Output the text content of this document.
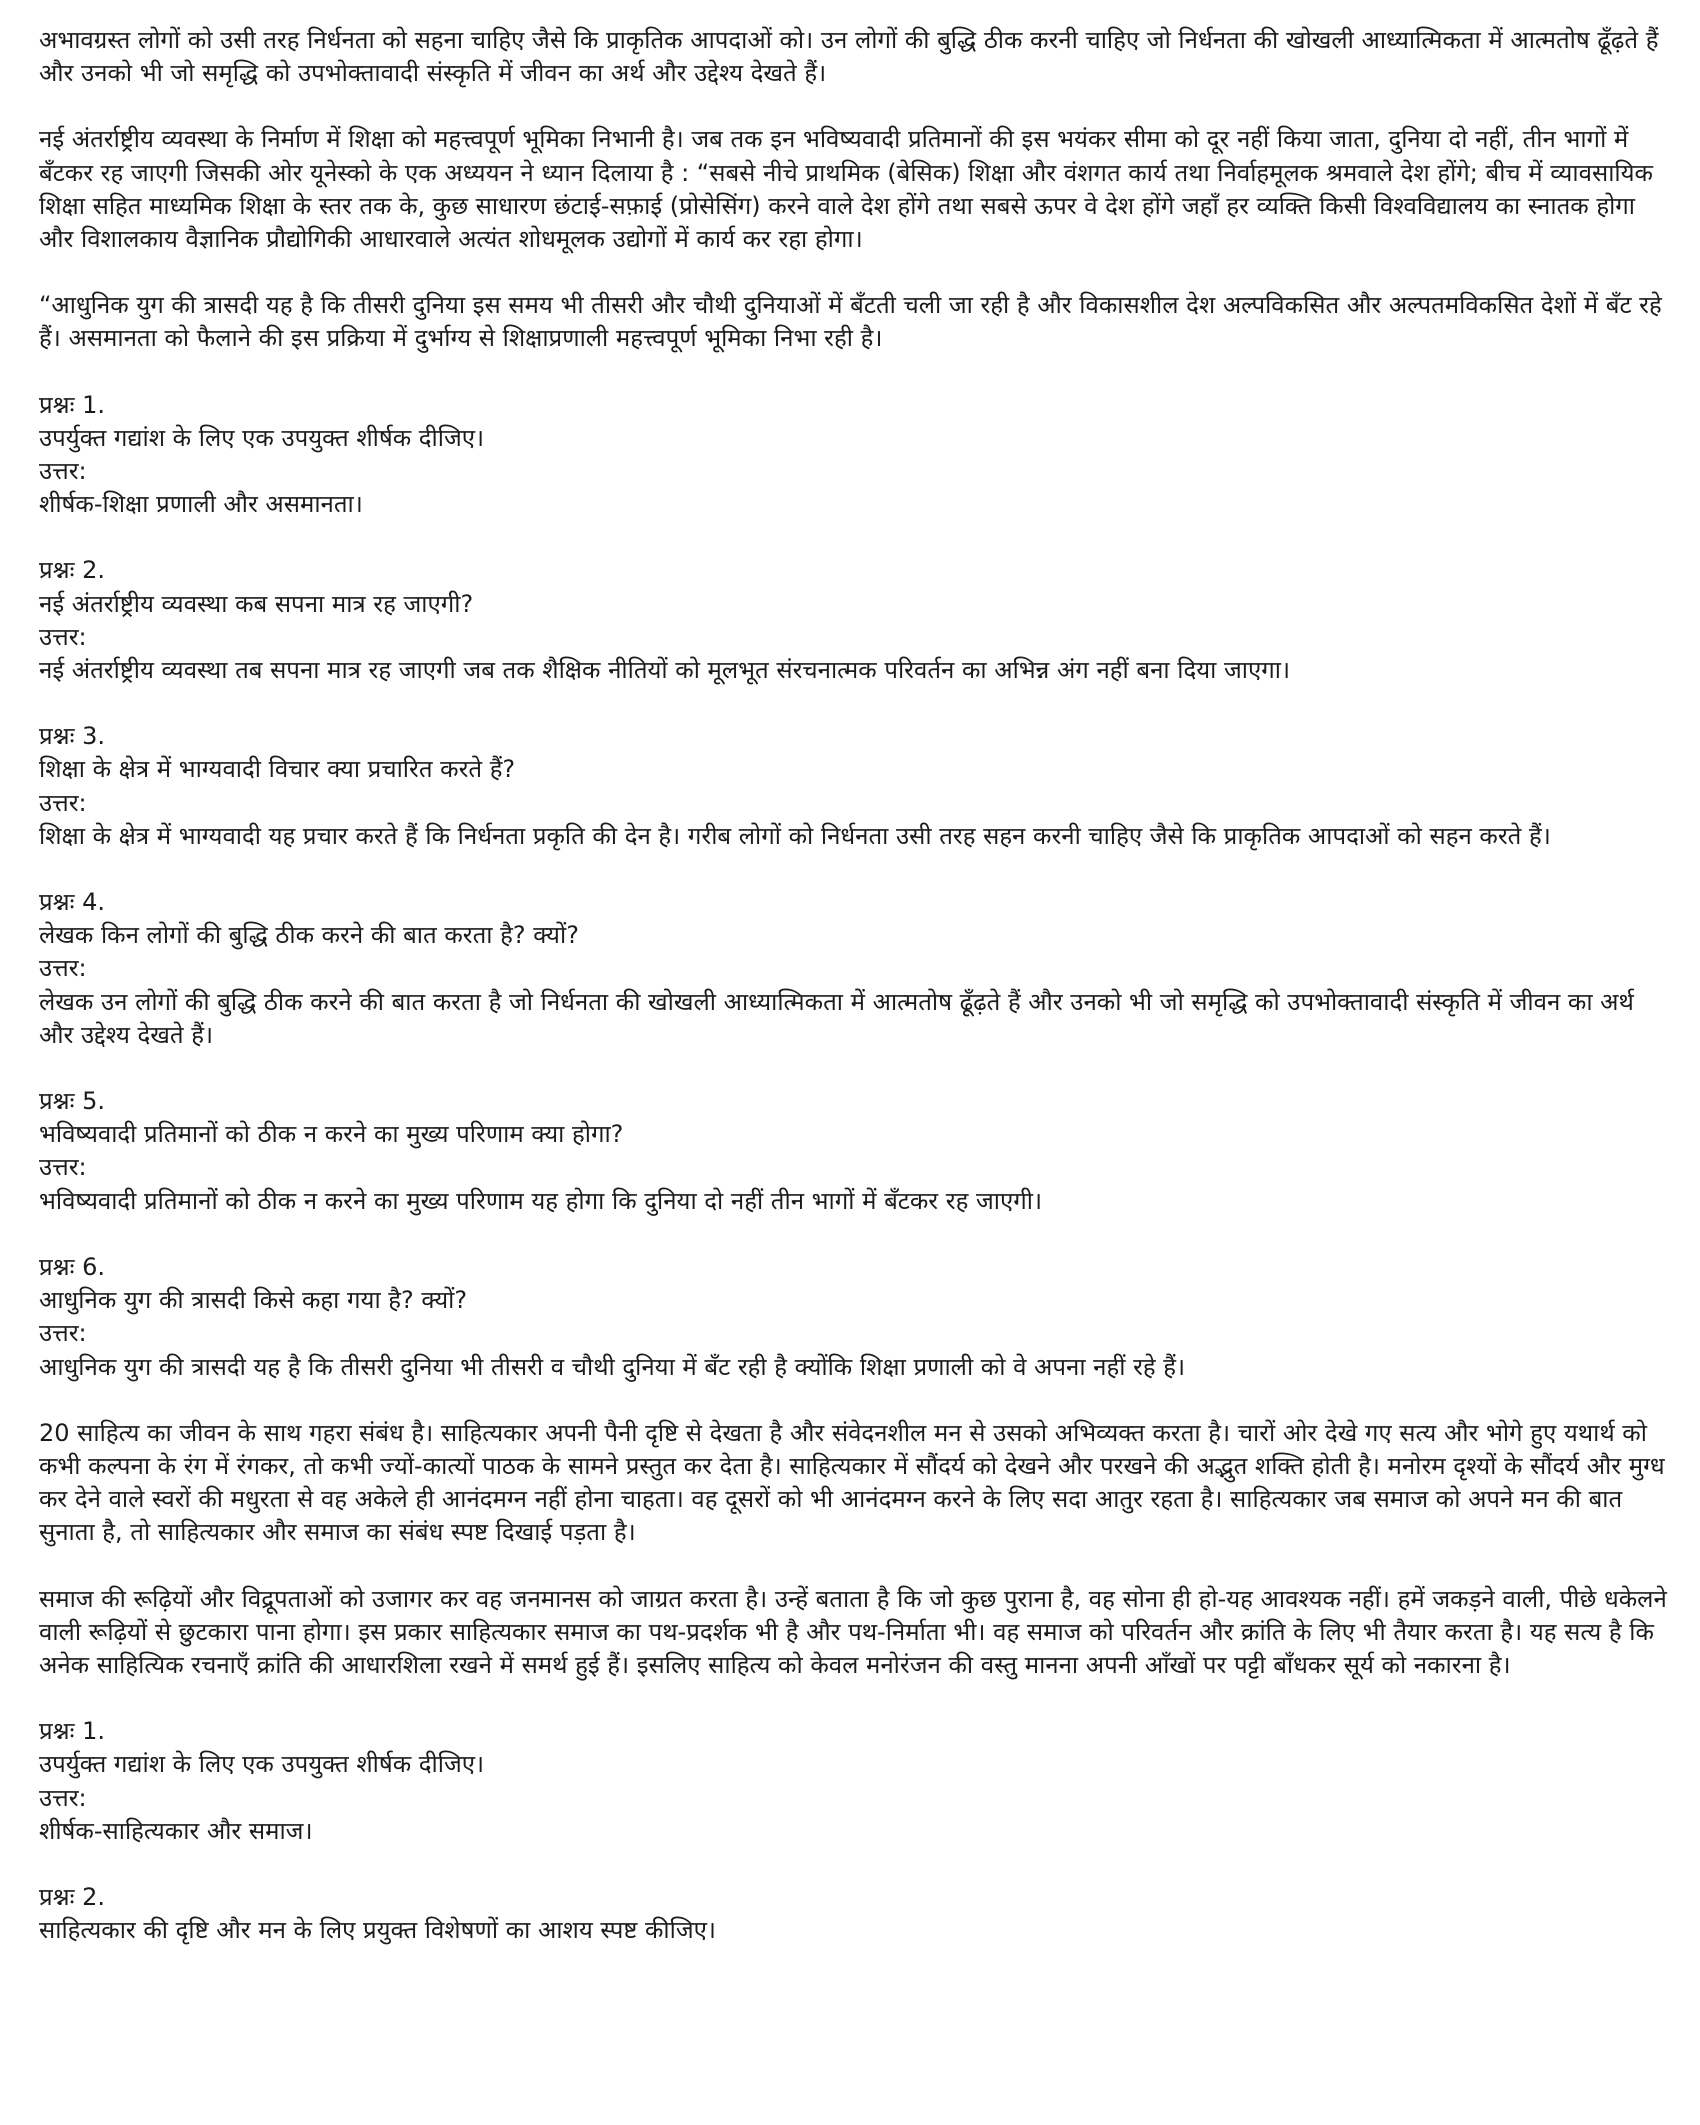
अभावग्रस्त लोगों को उसी तरह निर्धनता को सहना चाहिए जैसे कि प्राकृतिक आपदाओं को। उन लोगों की बुद्धि ठीक करनी चाहिए जो निर्धनता की खोखली आध्यात्मिकता में आत्मतोष ढूँढ़ते हैं और उनको भी जो समृद्धि को उपभोक्तावादी संस्कृति में जीवन का अर्थ और उद्देश्य देखते हैं।

नई अंतर्राष्ट्रीय व्यवस्था के निर्माण में शिक्षा को महत्त्वपूर्ण भूमिका निभानी है। जब तक इन भविष्यवादी प्रतिमानों की इस भयंकर सीमा को दूर नहीं किया जाता, दुनिया दो नहीं, तीन भागों में बँटकर रह जाएगी जिसकी ओर यूनेस्को के एक अध्ययन ने ध्यान दिलाया है : “सबसे नीचे प्राथमिक (बेसिक) शिक्षा और वंशगत कार्य तथा निर्वाहमूलक श्रमवाले देश होंगे; बीच में व्यावसायिक शिक्षा सहित माध्यमिक शिक्षा के स्तर तक के, कुछ साधारण छंटाई-सफ़ाई (प्रोसेसिंग) करने वाले देश होंगे तथा सबसे ऊपर वे देश होंगे जहाँ हर व्यक्ति किसी विश्वविद्यालय का स्नातक होगा और विशालकाय वैज्ञानिक प्रौद्योगिकी आधारवाले अत्यंत शोधमूलक उद्योगों में कार्य कर रहा होगा।

“आधुनिक युग की त्रासदी यह है कि तीसरी दुनिया इस समय भी तीसरी और चौथी दुनियाओं में बँटती चली जा रही है और विकासशील देश अल्पविकसित और अल्पतमविकसित देशों में बँट रहे हैं। असमानता को फैलाने की इस प्रक्रिया में दुर्भाग्य से शिक्षाप्रणाली महत्त्वपूर्ण भूमिका निभा रही है।

प्रश्नः 1.

उपर्युक्त गद्यांश के लिए एक उपयुक्त शीर्षक दीजिए।

उत्तर:

शीर्षक-शिक्षा प्रणाली और असमानता।

प्रश्नः 2.

नई अंतर्राष्ट्रीय व्यवस्था कब सपना मात्र रह जाएगी?

उत्तर:

नई अंतर्राष्ट्रीय व्यवस्था तब सपना मात्र रह जाएगी जब तक शैक्षिक नीतियों को मूलभूत संरचनात्मक परिवर्तन का अभिन्न अंग नहीं बना दिया जाएगा।

प्रश्नः 3.

शिक्षा के क्षेत्र में भाग्यवादी विचार क्या प्रचारित करते हैं?

उत्तर:

शिक्षा के क्षेत्र में भाग्यवादी यह प्रचार करते हैं कि निर्धनता प्रकृति की देन है। गरीब लोगों को निर्धनता उसी तरह सहन करनी चाहिए जैसे कि प्राकृतिक आपदाओं को सहन करते हैं।

प्रश्नः 4.

लेखक किन लोगों की बुद्धि ठीक करने की बात करता है? क्यों?

उत्तर:

लेखक उन लोगों की बुद्धि ठीक करने की बात करता है जो निर्धनता की खोखली आध्यात्मिकता में आत्मतोष ढूँढ़ते हैं और उनको भी जो समृद्धि को उपभोक्तावादी संस्कृति में जीवन का अर्थ और उद्देश्य देखते हैं।

प्रश्नः 5.

भविष्यवादी प्रतिमानों को ठीक न करने का मुख्य परिणाम क्या होगा?

उत्तर:

भविष्यवादी प्रतिमानों को ठीक न करने का मुख्य परिणाम यह होगा कि दुनिया दो नहीं तीन भागों में बँटकर रह जाएगी।

प्रश्नः 6.

आधुनिक युग की त्रासदी किसे कहा गया है? क्यों?

उत्तर:

आधुनिक युग की त्रासदी यह है कि तीसरी दुनिया भी तीसरी व चौथी दुनिया में बँट रही है क्योंकि शिक्षा प्रणाली को वे अपना नहीं रहे हैं।

20 साहित्य का जीवन के साथ गहरा संबंध है। साहित्यकार अपनी पैनी दृष्टि से देखता है और संवेदनशील मन से उसको अभिव्यक्त करता है। चारों ओर देखे गए सत्य और भोगे हुए यथार्थ को कभी कल्पना के रंग में रंगकर, तो कभी ज्यों-कात्यों पाठक के सामने प्रस्तुत कर देता है। साहित्यकार में सौंदर्य को देखने और परखने की अद्भुत शक्ति होती है। मनोरम दृश्यों के सौंदर्य और मुग्ध कर देने वाले स्वरों की मधुरता से वह अकेले ही आनंदमग्न नहीं होना चाहता। वह दूसरों को भी आनंदमग्न करने के लिए सदा आतुर रहता है। साहित्यकार जब समाज को अपने मन की बात सुनाता है, तो साहित्यकार और समाज का संबंध स्पष्ट दिखाई पड़ता है।

समाज की रूढ़ियों और विद्रूपताओं को उजागर कर वह जनमानस को जाग्रत करता है। उन्हें बताता है कि जो कुछ पुराना है, वह सोना ही हो-यह आवश्यक नहीं। हमें जकड़ने वाली, पीछे धकेलने वाली रूढ़ियों से छुटकारा पाना होगा। इस प्रकार साहित्यकार समाज का पथ-प्रदर्शक भी है और पथ-निर्माता भी। वह समाज को परिवर्तन और क्रांति के लिए भी तैयार करता है। यह सत्य है कि अनेक साहित्यिक रचनाएँ क्रांति की आधारशिला रखने में समर्थ हुई हैं। इसलिए साहित्य को केवल मनोरंजन की वस्तु मानना अपनी आँखों पर पट्टी बाँधकर सूर्य को नकारना है।

प्रश्नः 1.

उपर्युक्त गद्यांश के लिए एक उपयुक्त शीर्षक दीजिए।

उत्तर:

शीर्षक-साहित्यकार और समाज।

प्रश्नः 2.

साहित्यकार की दृष्टि और मन के लिए प्रयुक्त विशेषणों का आशय स्पष्ट कीजिए।
